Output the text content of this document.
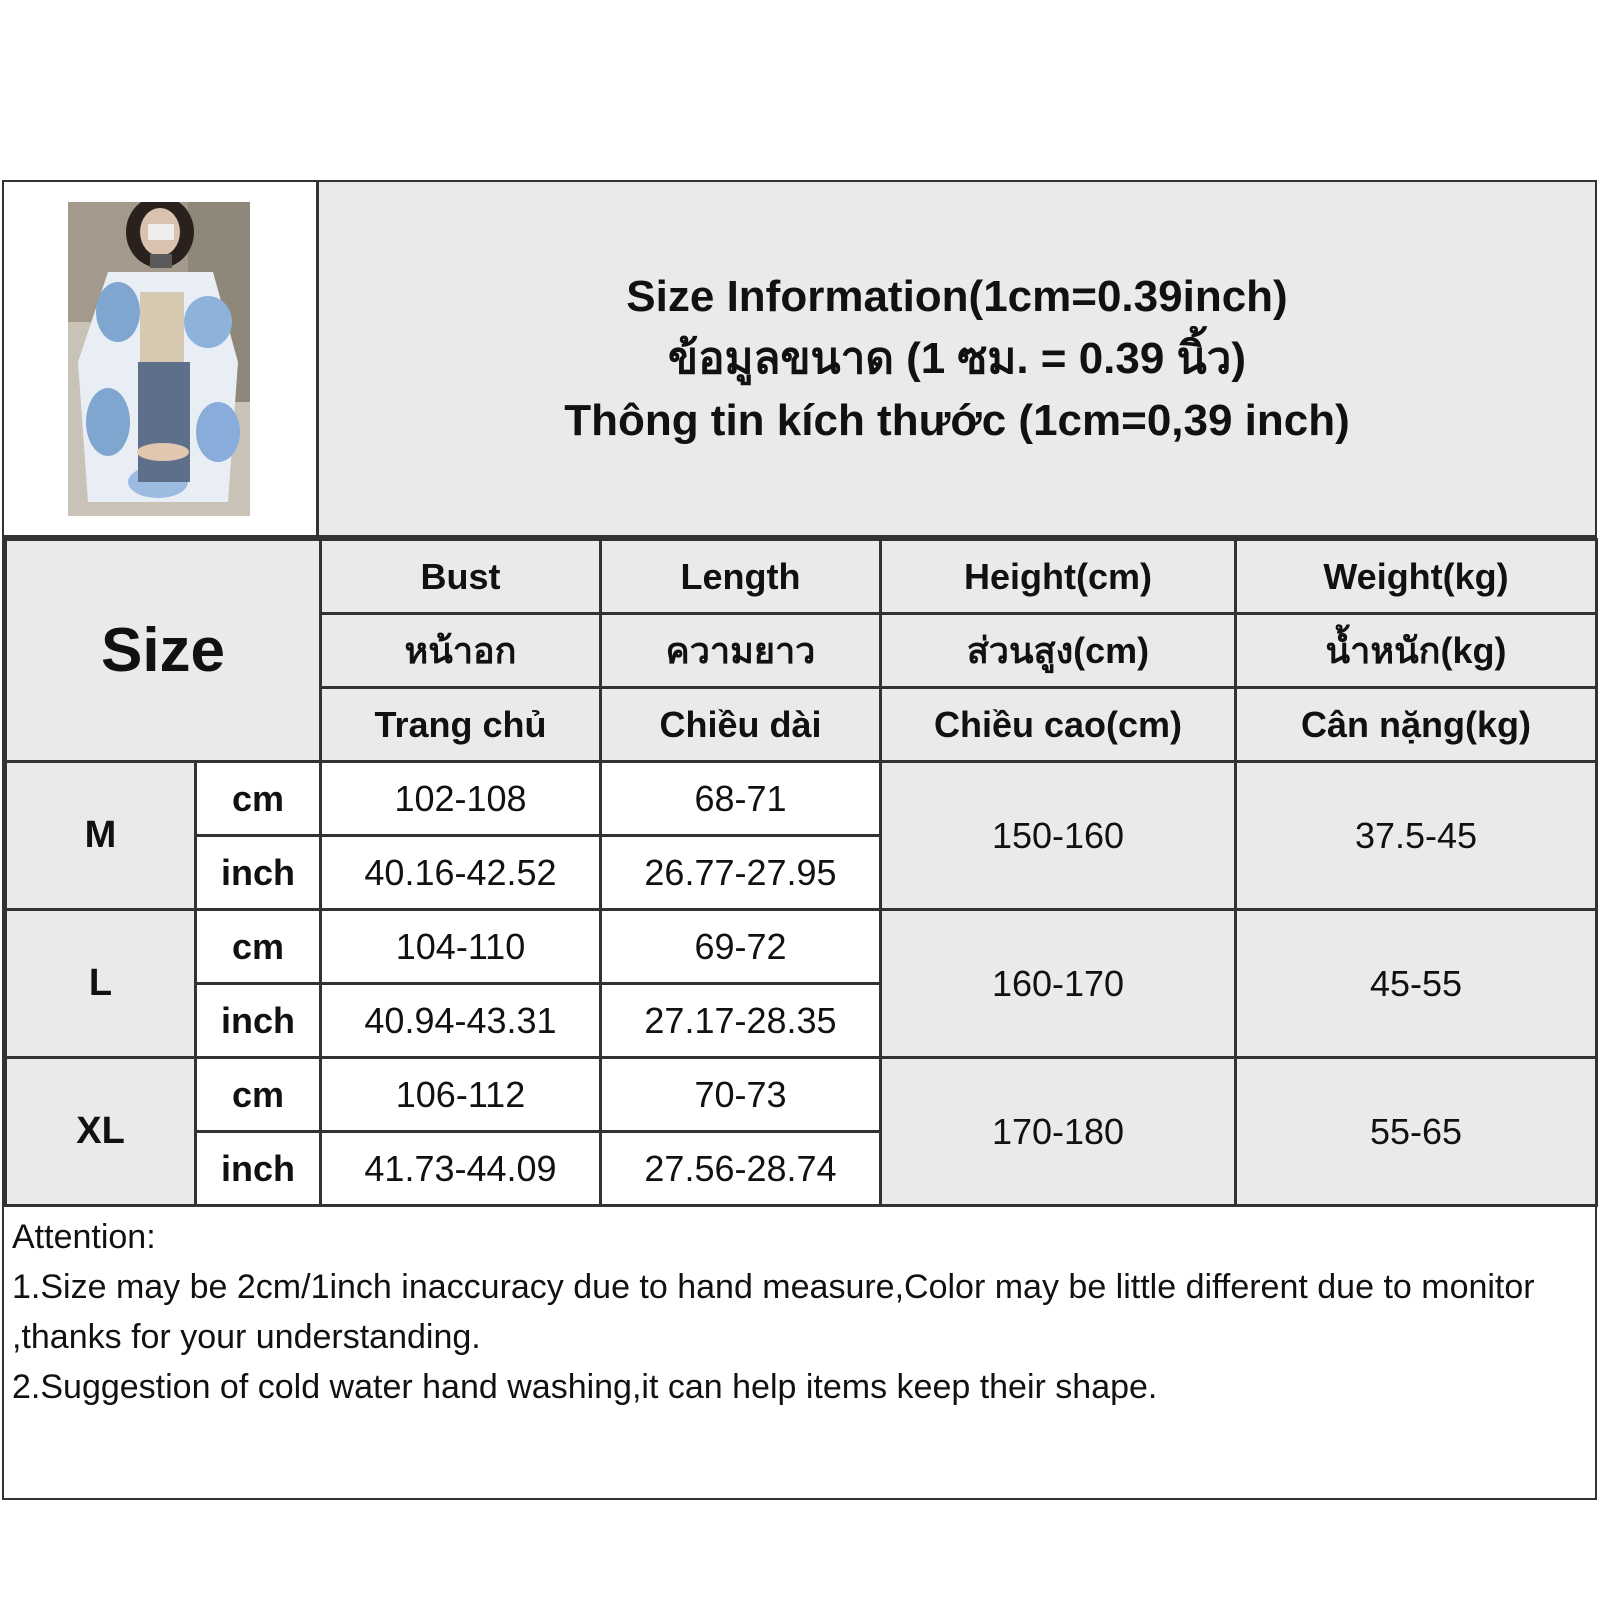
Size Information(1cm=0.39inch)
ข้อมูลขนาด (1 ซม. = 0.39 นิ้ว)
Thông tin kích thước (1cm=0,39 inch)
Size		Bust	Length	Height(cm)	Weight(kg)
		หน้าอก	ความยาว	ส่วนสูง(cm)	น้ำหนัก(kg)
		Trang chủ	Chiều dài	Chiều cao(cm)	Cân nặng(kg)
M	cm	102-108	68-71	150-160	37.5-45
	inch	40.16-42.52	26.77-27.95		
L	cm	104-110	69-72	160-170	45-55
	inch	40.94-43.31	27.17-28.35		
XL	cm	106-112	70-73	170-180	55-65
	inch	41.73-44.09	27.56-28.74		
Attention:
1.Size may be 2cm/1inch inaccuracy due to hand measure,Color may be little different due to monitor ,thanks for your understanding.
2.Suggestion of cold water hand washing,it can help items keep their shape.
